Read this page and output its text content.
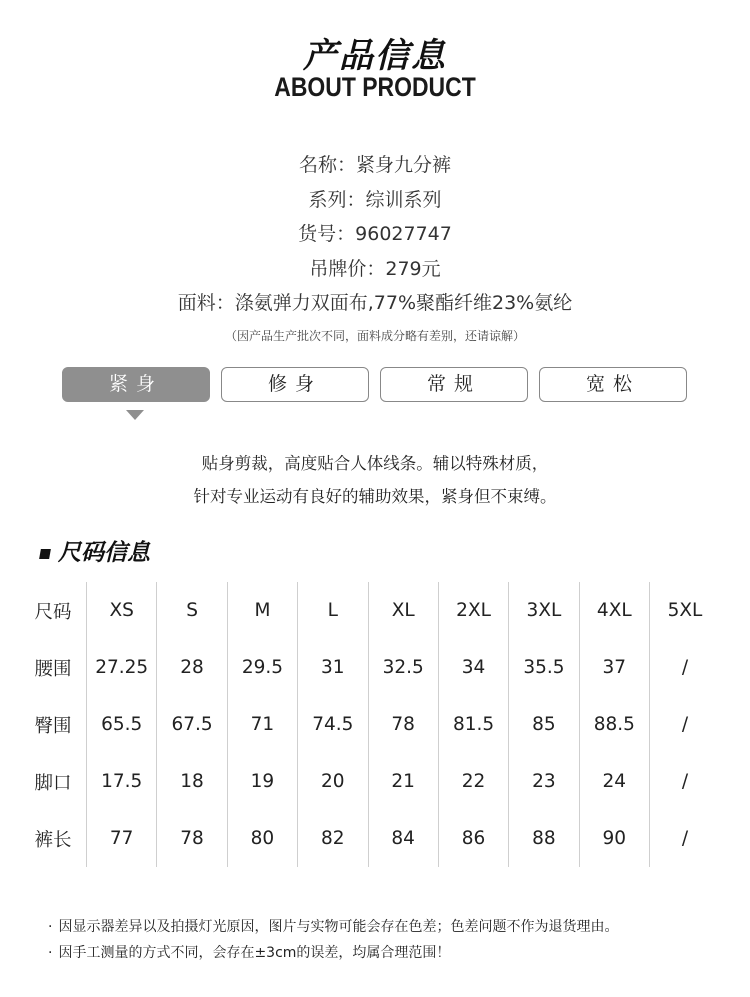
产品信息
ABOUT PRODUCT
名称：紧身九分裤
系列：综训系列
货号：96027747
吊牌价：279元
面料：涤氨弹力双面布,77%聚酯纤维23%氨纶
（因产品生产批次不同，面料成分略有差别，还请谅解）
紧身	修身	常规	宽松
贴身剪裁，高度贴合人体线条。辅以特殊材质，
针对专业运动有良好的辅助效果，紧身但不束缚。
尺码信息
尺码	XS	S	M	L	XL	2XL	3XL	4XL	5XL
腰围	27.25	28	29.5	31	32.5	34	35.5	37	/
臀围	65.5	67.5	71	74.5	78	81.5	85	88.5	/
脚口	17.5	18	19	20	21	22	23	24	/
裤长	77	78	80	82	84	86	88	90	/
· 因显示器差异以及拍摄灯光原因，图片与实物可能会存在色差；色差问题不作为退货理由。
· 因手工测量的方式不同，会存在±3cm的误差，均属合理范围！
